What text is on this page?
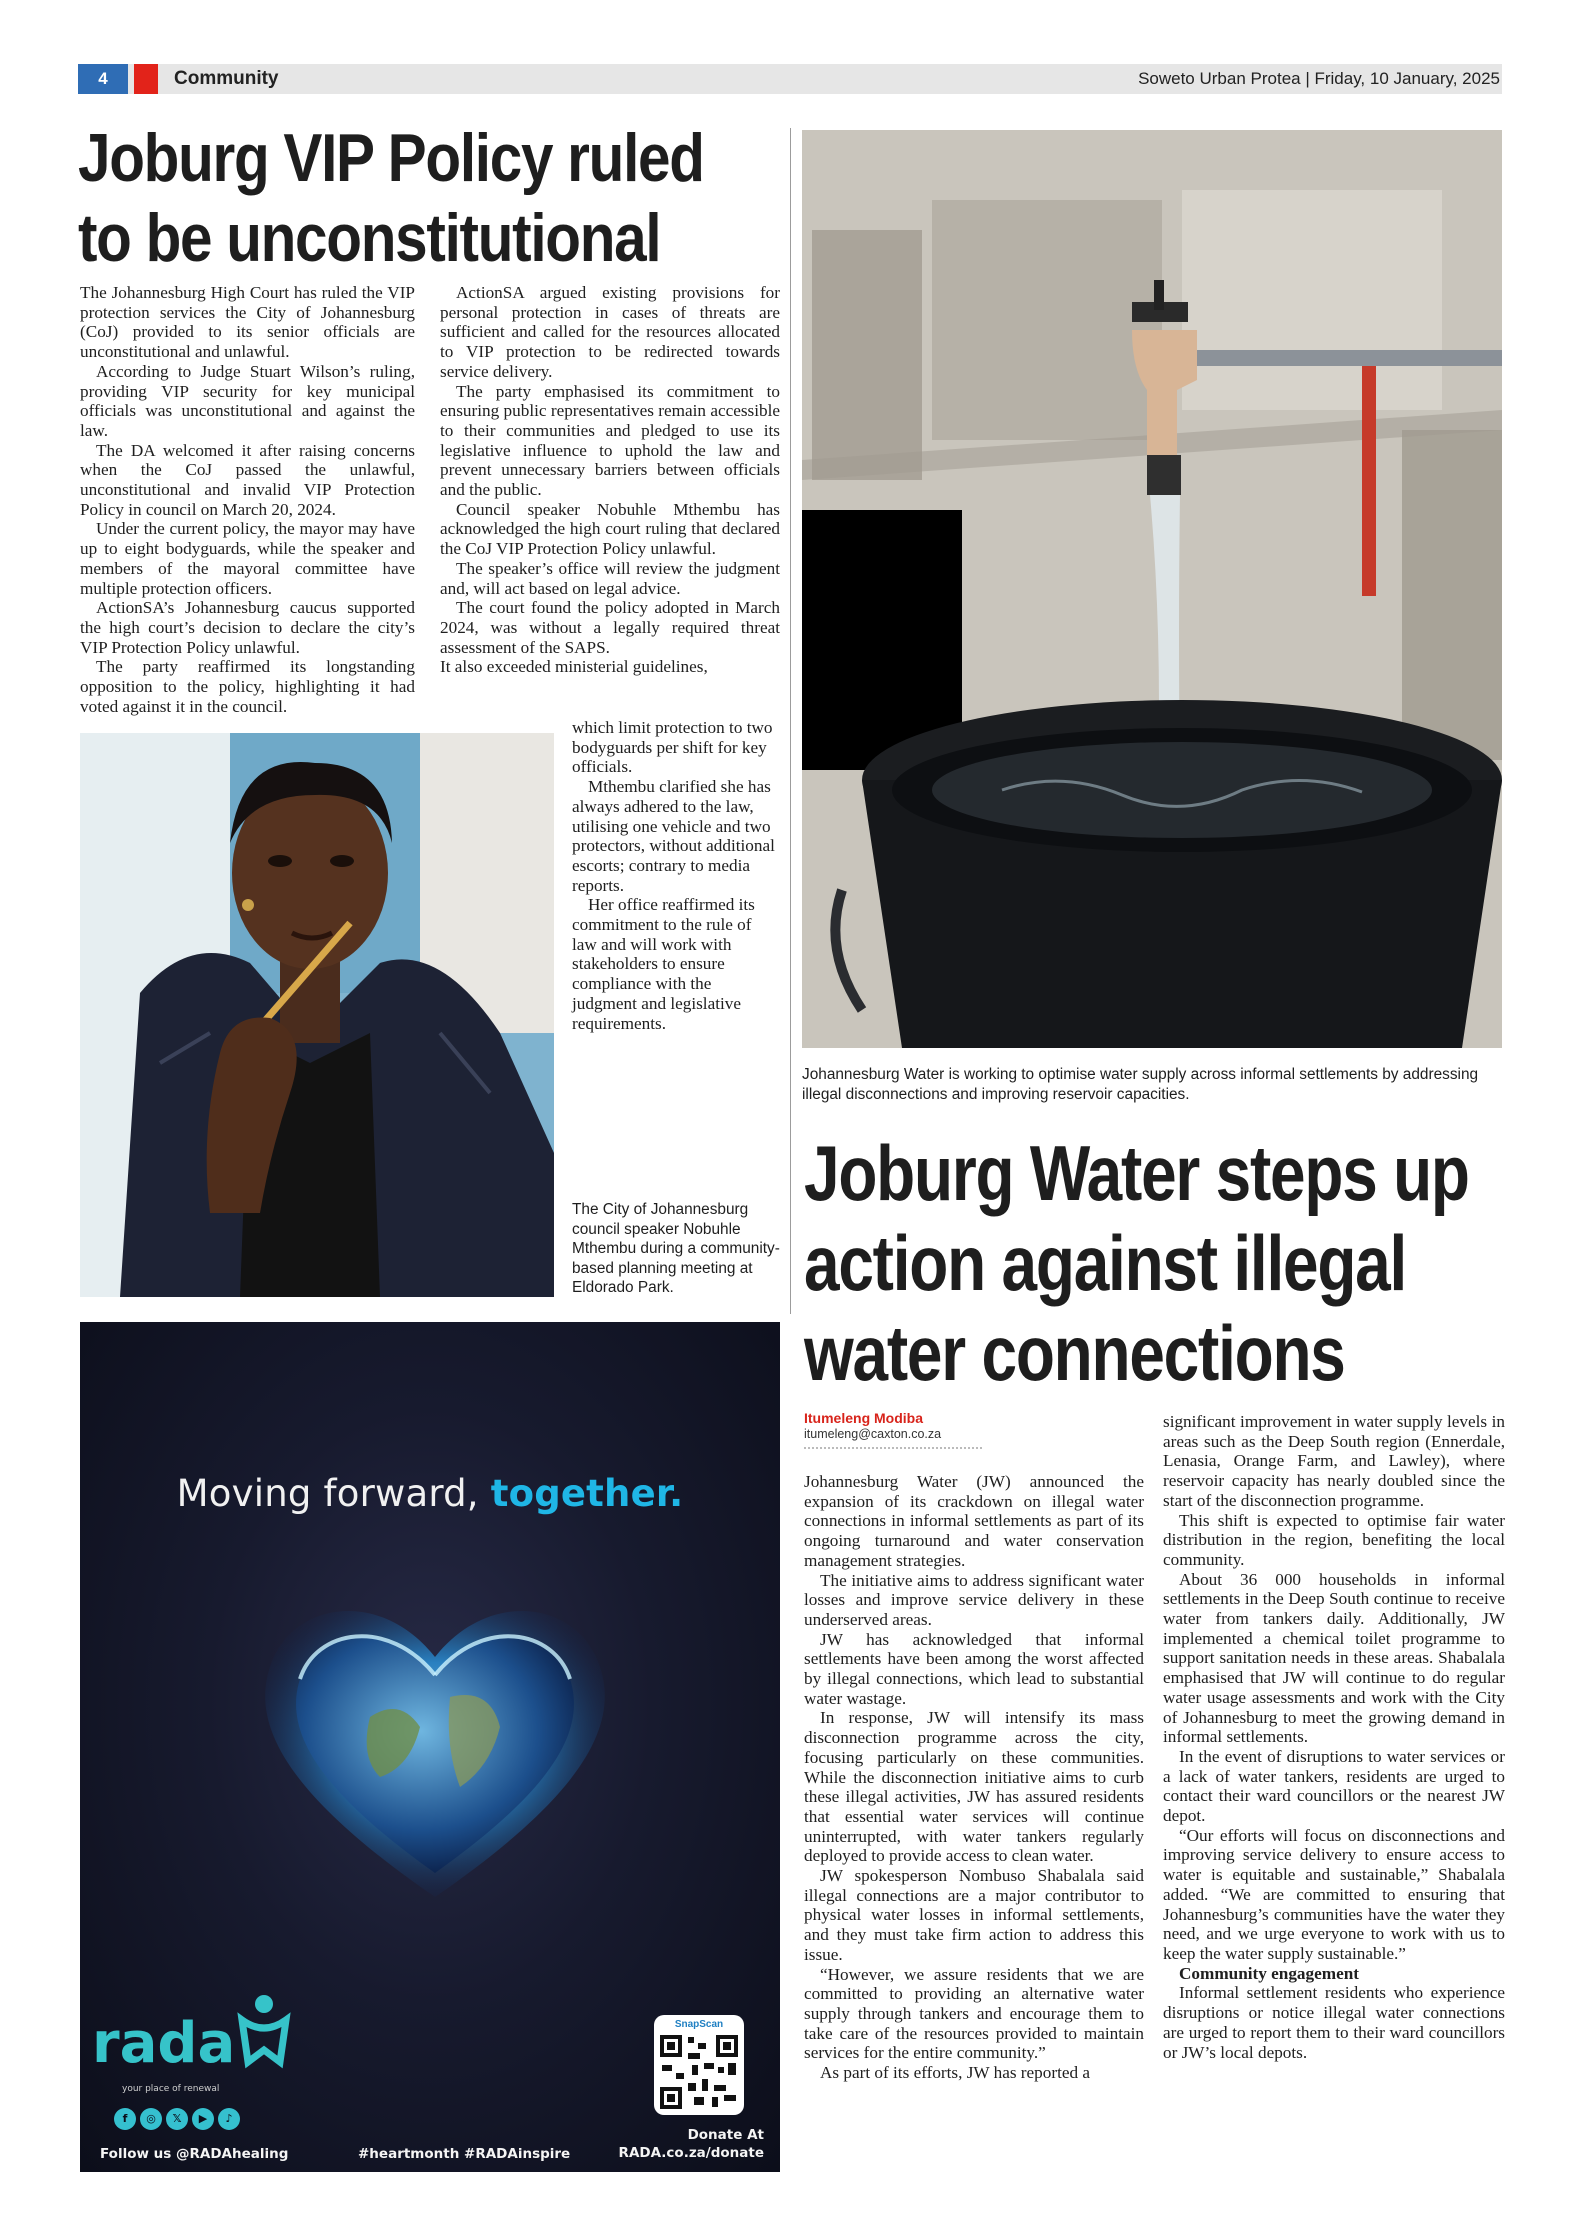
4	Community	Soweto Urban Protea | Friday, 10 January, 2025
Joburg VIP Policy ruled
to be unconstitutional

The Johannesburg High Court has ruled the VIP protection services the City of Johannesburg (CoJ) provided to its senior officials are unconstitutional and unlawful.

According to Judge Stuart Wilson’s ruling, providing VIP security for key municipal officials was unconstitutional and against the law.

The DA welcomed it after raising concerns when the CoJ passed the unlawful, unconstitutional and invalid VIP Protection Policy in council on March 20, 2024.

Under the current policy, the mayor may have up to eight bodyguards, while the speaker and members of the mayoral committee have multiple protection officers.

ActionSA’s Johannesburg caucus supported the high court’s decision to declare the city’s VIP Protection Policy unlawful.

The party reaffirmed its longstanding opposition to the policy, highlighting it had voted against it in the council.

ActionSA argued existing provisions for personal protection in cases of threats are sufficient and called for the resources allocated to VIP protection to be redirected towards service delivery.

The party emphasised its commitment to ensuring public representatives remain accessible to their communities and pledged to use its legislative influence to uphold the law and prevent unnecessary barriers between officials and the public.

Council speaker Nobuhle Mthembu has acknowledged the high court ruling that declared the CoJ VIP Protection Policy unlawful.

The speaker’s office will review the judgment and, will act based on legal advice.

The court found the policy adopted in March 2024, was without a legally required threat assessment of the SAPS.

It also exceeded ministerial guidelines,

which limit protection to two bodyguards per shift for key officials.

Mthembu clarified she has always adhered to the law, utilising one vehicle and two protectors, without additional escorts; contrary to media reports.

Her office reaffirmed its commitment to the rule of law and will work with stakeholders to ensure compliance with the judgment and legislative requirements.

The City of Johannesburg council speaker Nobuhle Mthembu during a community-based planning meeting at Eldorado Park.
Johannesburg Water is working to optimise water supply across informal settlements by addressing illegal disconnections and improving reservoir capacities.
Joburg Water steps up
action against illegal
water connections
Itumeleng Modiba
itumeleng@caxton.co.za

Johannesburg Water (JW) announced the expansion of its crackdown on illegal water connections in informal settlements as part of its ongoing turnaround and water conservation management strategies.

The initiative aims to address significant water losses and improve service delivery in these underserved areas.

JW has acknowledged that informal settlements have been among the worst affected by illegal connections, which lead to substantial water wastage.

In response, JW will intensify its mass disconnection programme across the city, focusing particularly on these communities. While the disconnection initiative aims to curb these illegal activities, JW has assured residents that essential water services will continue uninterrupted, with water tankers regularly deployed to provide access to clean water.

JW spokesperson Nombuso Shabalala said illegal connections are a major contributor to physical water losses in informal settlements, and they must take firm action to address this issue.

“However, we assure residents that we are committed to providing an alternative water supply through tankers and encourage them to take care of the resources provided to maintain services for the entire community.”

As part of its efforts, JW has reported a

significant improvement in water supply levels in areas such as the Deep South region (Ennerdale, Lenasia, Orange Farm, and Lawley), where reservoir capacity has nearly doubled since the start of the disconnection programme.

This shift is expected to optimise fair water distribution in the region, benefiting the local community.

About 36 000 households in informal settlements in the Deep South continue to receive water from tankers daily. Additionally, JW implemented a chemical toilet programme to support sanitation needs in these areas. Shabalala emphasised that JW will continue to do regular water usage assessments and work with the City of Johannesburg to meet the growing demand in informal settlements.

In the event of disruptions to water services or a lack of water tankers, residents are urged to contact their ward councillors or the nearest JW depot.

“Our efforts will focus on disconnections and improving service delivery to ensure access to water is equitable and sustainable,” Shabalala added. “We are committed to ensuring that Johannesburg’s communities have the water they need, and we urge everyone to work with us to keep the water supply sustainable.”

Community engagement

Informal settlement residents who experience disruptions or notice illegal water connections are urged to report them to their ward councillors or JW’s local depots.

Moving forward, together.
rada
your place of renewal
f	◎	𝕏	▶	♪
Follow us @RADAhealing	#heartmonth #RADAinspire
SnapScan
Donate At
RADA.co.za/donate
